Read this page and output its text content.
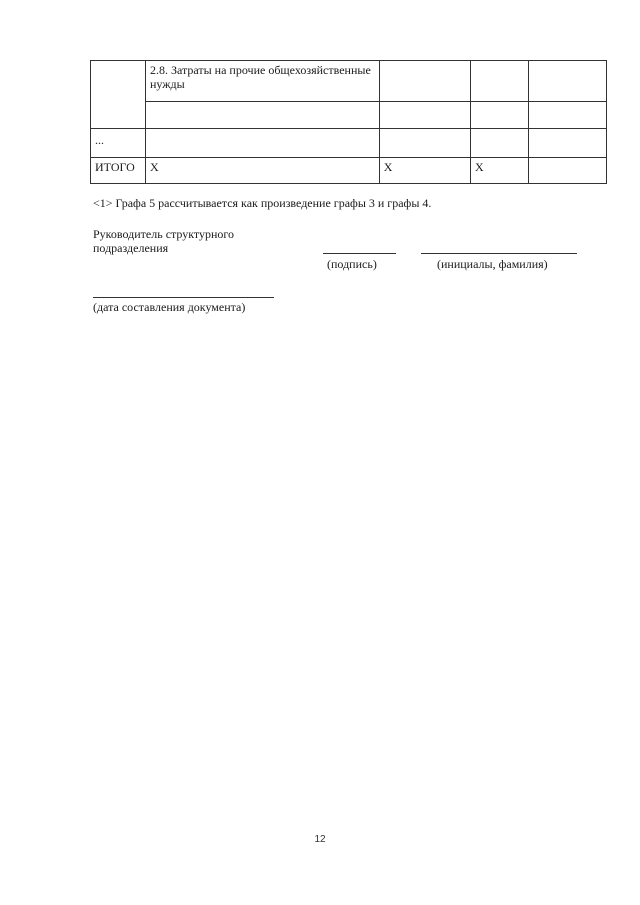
	2.8. Затраты на прочие общехозяйственные нужды			

...				
ИТОГО	X	X	X	
<1> Графа 5 рассчитывается как произведение графы 3 и графы 4.
Руководитель структурного
подразделения
(подпись)	(инициалы, фамилия)
(дата составления документа)
12
